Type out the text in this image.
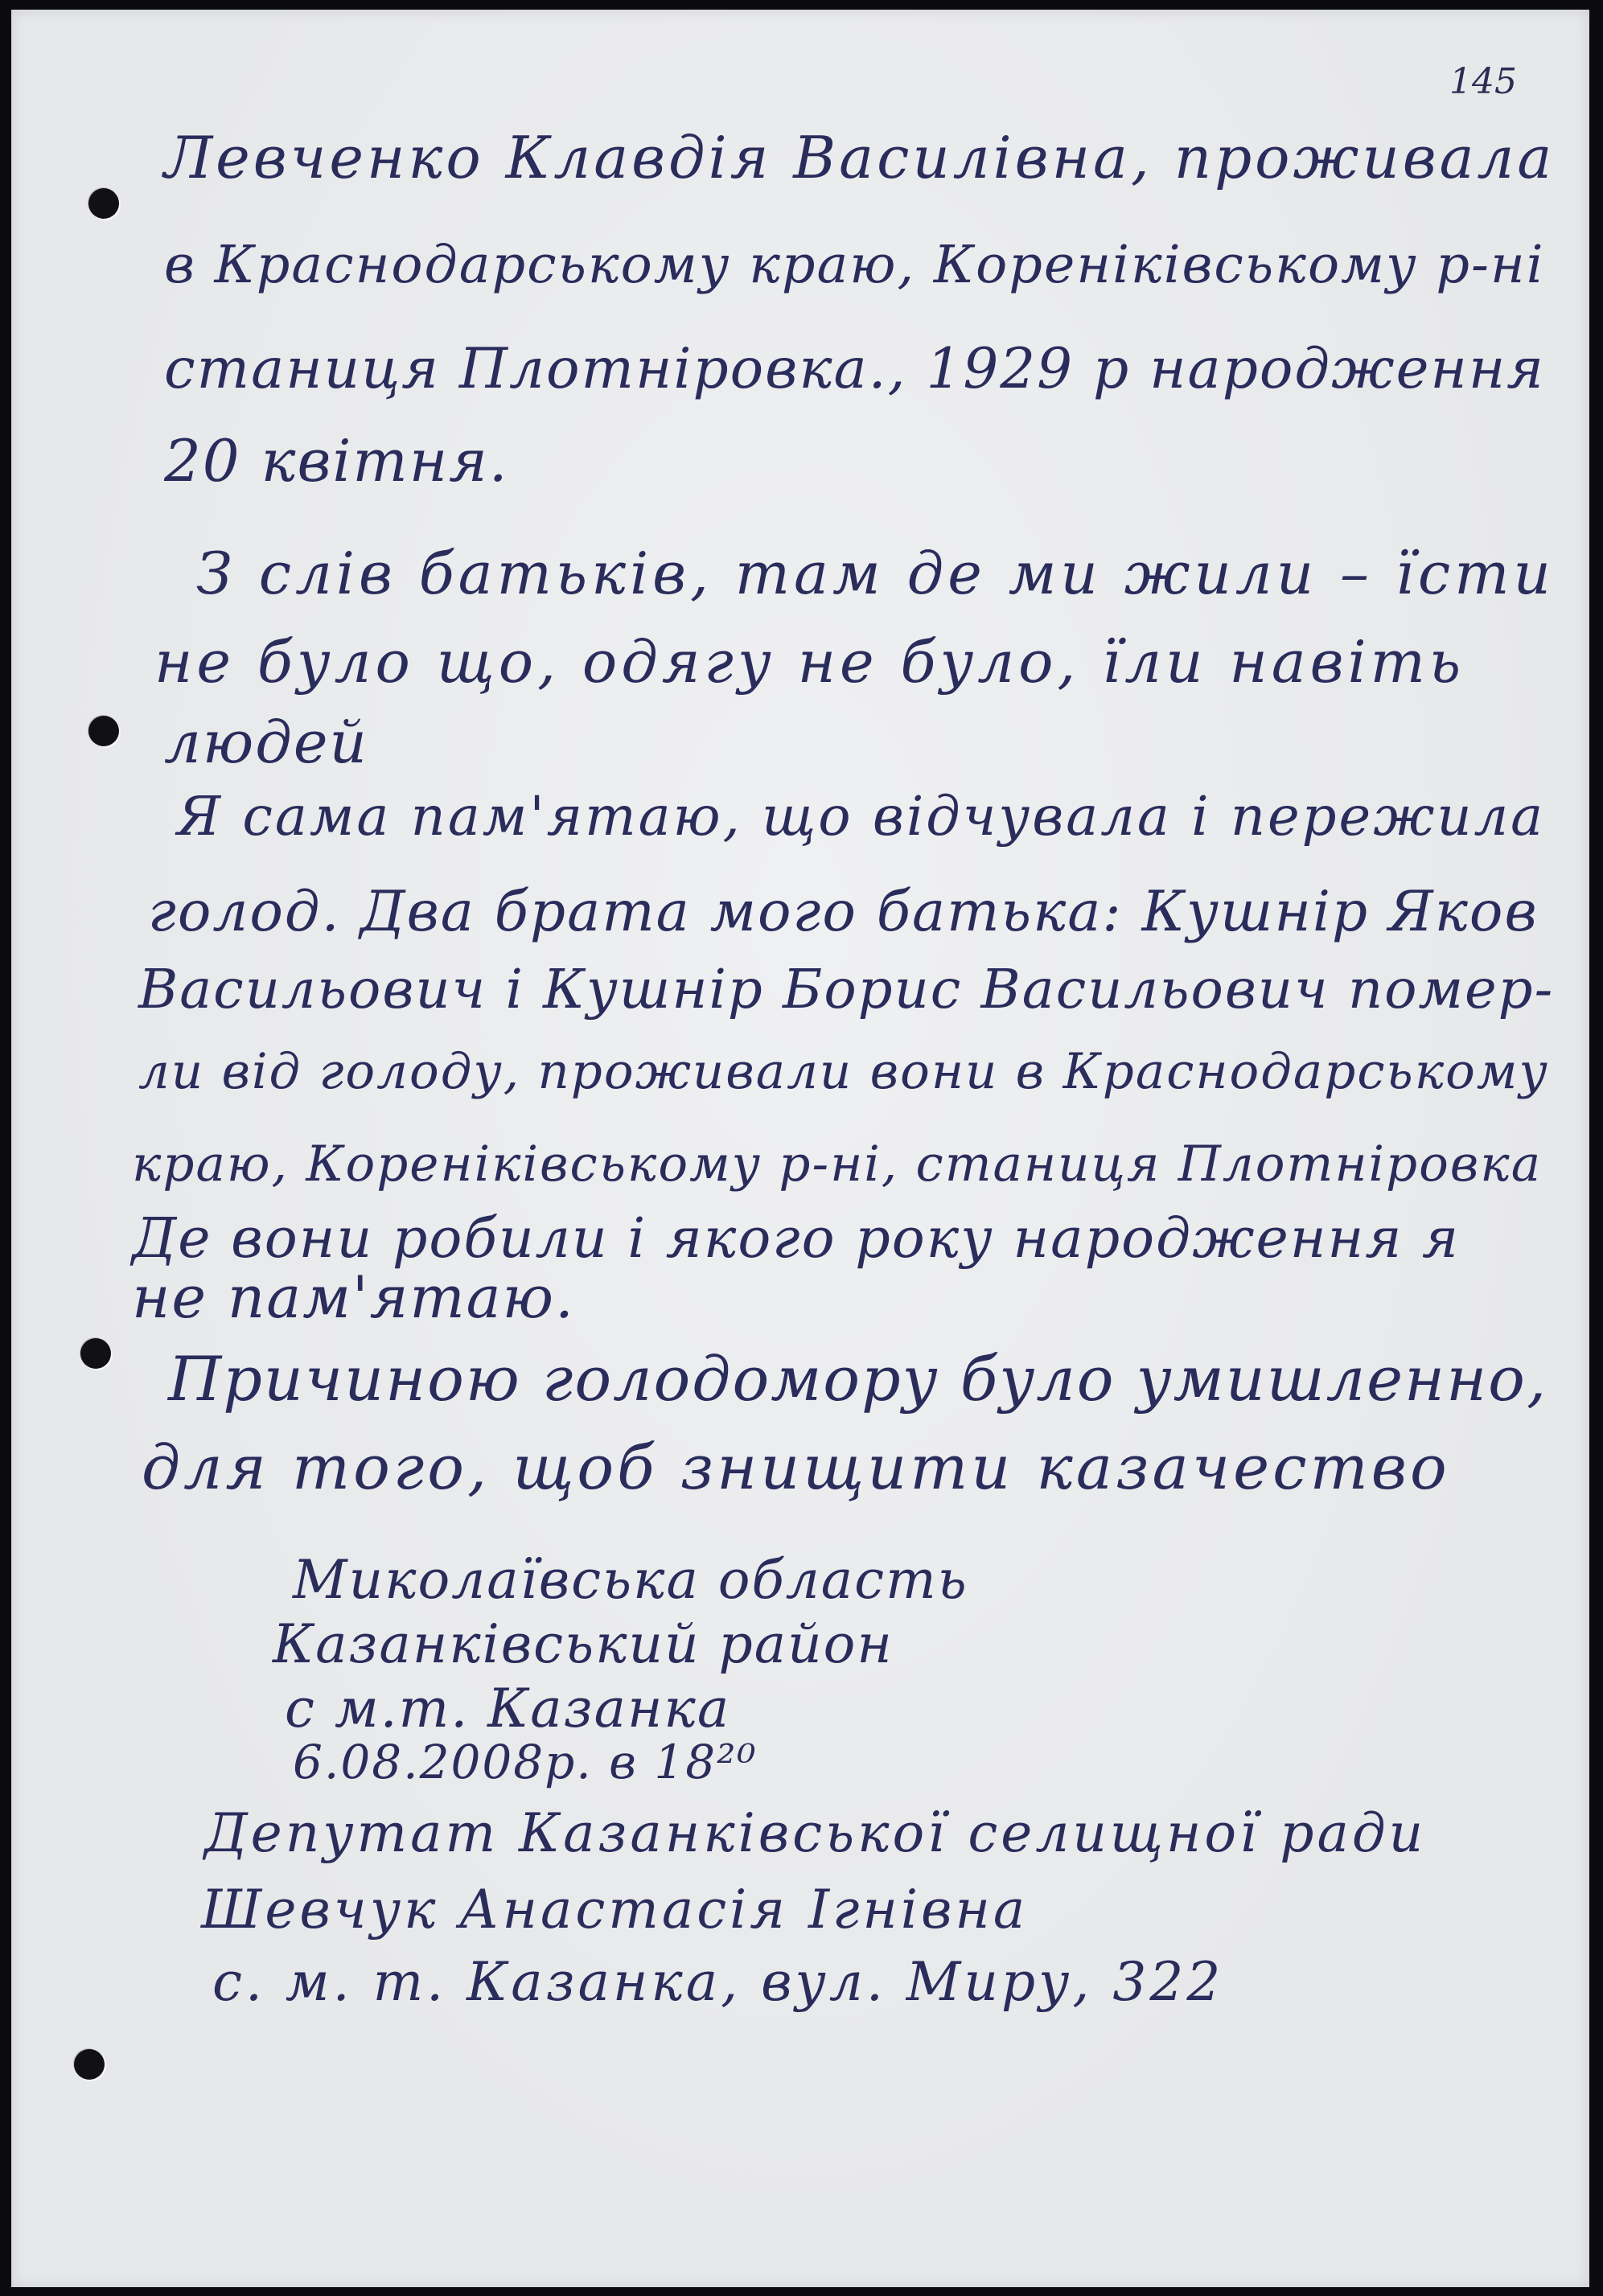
145

Левченко Клавдія Василівна, проживала

в Краснодарському краю, Кореніківському р-ні

станиця Плотніровка., 1929 р народження

20 квітня.

З слів батьків, там де ми жили – їсти

не було що, одягу не було, їли навіть

людей

Я сама пам'ятаю, що відчувала і пережила

голод. Два брата мого батька: Кушнір Яков

Васильович і Кушнір Борис Васильович помер-

ли від голоду, проживали вони в Краснодарському

краю, Кореніківському р-ні, станиця Плотніровка

Де вони робили і якого року народження я

не пам'ятаю.

Причиною голодомору було умишленно,

для того, щоб знищити казачество

Миколаївська область

Казанківський район

с м.т. Казанка

6.08.2008р. в 18²⁰

Депутат Казанківської селищної ради

Шевчук Анастасія Ігнівна

с. м. т. Казанка, вул. Миру, 322
